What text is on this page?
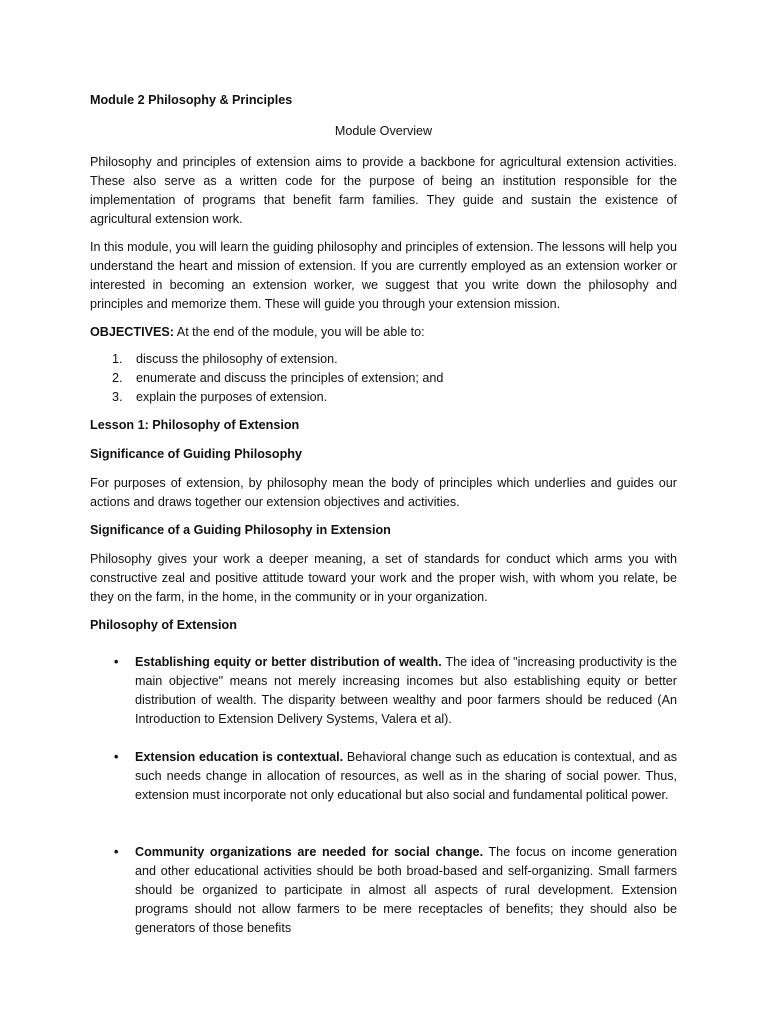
Module 2 Philosophy & Principles

Module Overview

Philosophy and principles of extension aims to provide a backbone for agricultural extension activities. These also serve as a written code for the purpose of being an institution responsible for the implementation of programs that benefit farm families. They guide and sustain the existence of agricultural extension work.

In this module, you will learn the guiding philosophy and principles of extension. The lessons will help you understand the heart and mission of extension. If you are currently employed as an extension worker or interested in becoming an extension worker, we suggest that you write down the philosophy and principles and memorize them. These will guide you through your extension mission.

OBJECTIVES: At the end of the module, you will be able to:

1. discuss the philosophy of extension.
2. enumerate and discuss the principles of extension; and
3. explain the purposes of extension.

Lesson 1: Philosophy of Extension

Significance of Guiding Philosophy

For purposes of extension, by philosophy mean the body of principles which underlies and guides our actions and draws together our extension objectives and activities.

Significance of a Guiding Philosophy in Extension

Philosophy gives your work a deeper meaning, a set of standards for conduct which arms you with constructive zeal and positive attitude toward your work and the proper wish, with whom you relate, be they on the farm, in the home, in the community or in your organization.

Philosophy of Extension

• Establishing equity or better distribution of wealth. The idea of "increasing productivity is the main objective" means not merely increasing incomes but also establishing equity or better distribution of wealth. The disparity between wealthy and poor farmers should be reduced (An Introduction to Extension Delivery Systems, Valera et al).
• Extension education is contextual. Behavioral change such as education is contextual, and as such needs change in allocation of resources, as well as in the sharing of social power. Thus, extension must incorporate not only educational but also social and fundamental political power.
• Community organizations are needed for social change. The focus on income generation and other educational activities should be both broad-based and self-organizing. Small farmers should be organized to participate in almost all aspects of rural development. Extension programs should not allow farmers to be mere receptacles of benefits; they should also be generators of those benefits
